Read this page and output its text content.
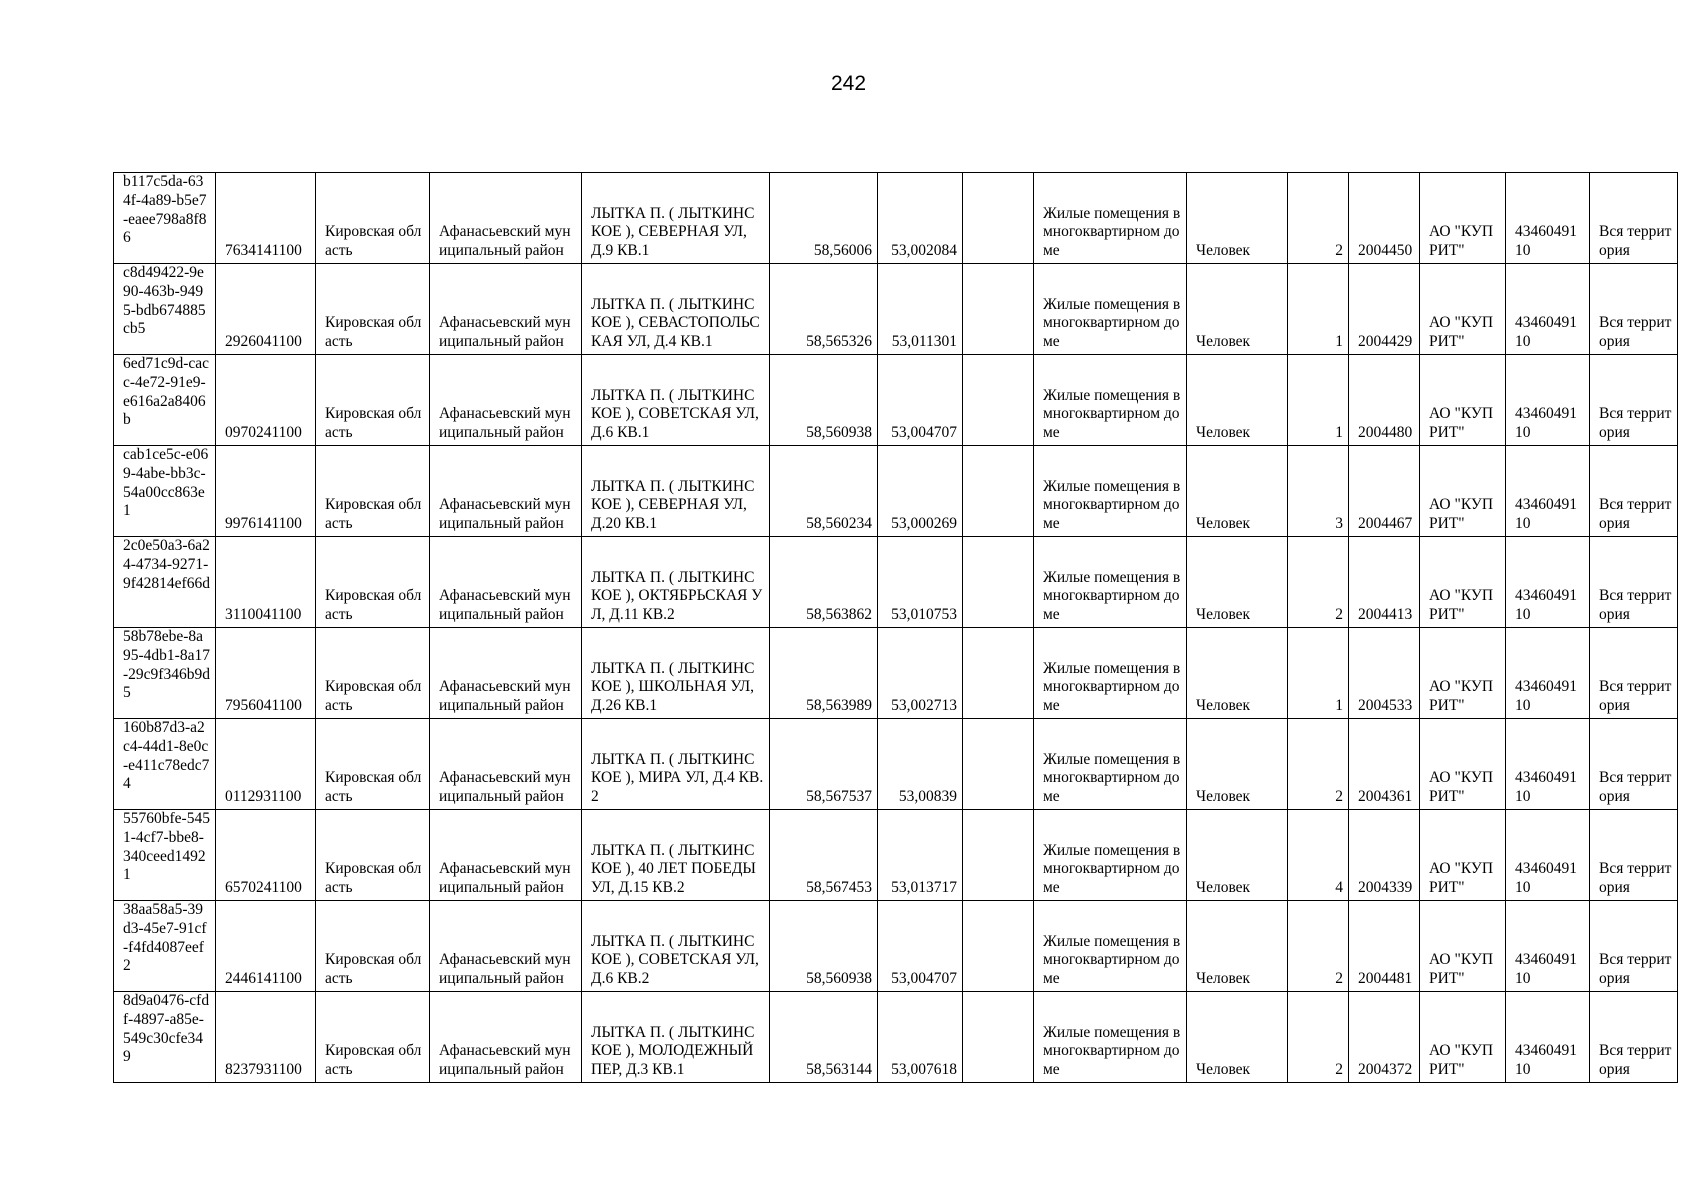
242
b117c5da-634f-4a89-b5e7-eaee798a8f86	7634141100	Кировская область	Афанасьевский муниципальный район	ЛЫТКА П. ( ЛЫТКИНСКОЕ ), СЕВЕРНАЯ УЛ, Д.9 КВ.1	58,56006	53,002084		Жилые помещения в многоквартирном доме	Человек	2	2004450	АО "КУПРИТ"	4346049110	Вся территория
c8d49422-9e90-463b-9495-bdb674885cb5	2926041100	Кировская область	Афанасьевский муниципальный район	ЛЫТКА П. ( ЛЫТКИНСКОЕ ), СЕВАСТОПОЛЬСКАЯ УЛ, Д.4 КВ.1	58,565326	53,011301		Жилые помещения в многоквартирном доме	Человек	1	2004429	АО "КУПРИТ"	4346049110	Вся территория
6ed71c9d-cacc-4e72-91e9-e616a2a8406b	0970241100	Кировская область	Афанасьевский муниципальный район	ЛЫТКА П. ( ЛЫТКИНСКОЕ ), СОВЕТСКАЯ УЛ, Д.6 КВ.1	58,560938	53,004707		Жилые помещения в многоквартирном доме	Человек	1	2004480	АО "КУПРИТ"	4346049110	Вся территория
cab1ce5c-e069-4abe-bb3c-54a00cc863e1	9976141100	Кировская область	Афанасьевский муниципальный район	ЛЫТКА П. ( ЛЫТКИНСКОЕ ), СЕВЕРНАЯ УЛ, Д.20 КВ.1	58,560234	53,000269		Жилые помещения в многоквартирном доме	Человек	3	2004467	АО "КУПРИТ"	4346049110	Вся территория
2c0e50a3-6a24-4734-9271-9f42814ef66d	3110041100	Кировская область	Афанасьевский муниципальный район	ЛЫТКА П. ( ЛЫТКИНСКОЕ ), ОКТЯБРЬСКАЯ УЛ, Д.11 КВ.2	58,563862	53,010753		Жилые помещения в многоквартирном доме	Человек	2	2004413	АО "КУПРИТ"	4346049110	Вся территория
58b78ebe-8a95-4db1-8a17-29c9f346b9d5	7956041100	Кировская область	Афанасьевский муниципальный район	ЛЫТКА П. ( ЛЫТКИНСКОЕ ), ШКОЛЬНАЯ УЛ, Д.26 КВ.1	58,563989	53,002713		Жилые помещения в многоквартирном доме	Человек	1	2004533	АО "КУПРИТ"	4346049110	Вся территория
160b87d3-a2c4-44d1-8e0c-e411c78edc74	0112931100	Кировская область	Афанасьевский муниципальный район	ЛЫТКА П. ( ЛЫТКИНСКОЕ ), МИРА УЛ, Д.4 КВ.2	58,567537	53,00839		Жилые помещения в многоквартирном доме	Человек	2	2004361	АО "КУПРИТ"	4346049110	Вся территория
55760bfe-5451-4cf7-bbe8-340ceed14921	6570241100	Кировская область	Афанасьевский муниципальный район	ЛЫТКА П. ( ЛЫТКИНСКОЕ ), 40 ЛЕТ ПОБЕДЫ УЛ, Д.15 КВ.2	58,567453	53,013717		Жилые помещения в многоквартирном доме	Человек	4	2004339	АО "КУПРИТ"	4346049110	Вся территория
38aa58a5-39d3-45e7-91cf-f4fd4087eef2	2446141100	Кировская область	Афанасьевский муниципальный район	ЛЫТКА П. ( ЛЫТКИНСКОЕ ), СОВЕТСКАЯ УЛ, Д.6 КВ.2	58,560938	53,004707		Жилые помещения в многоквартирном доме	Человек	2	2004481	АО "КУПРИТ"	4346049110	Вся территория
8d9a0476-cfdf-4897-a85e-549c30cfe349	8237931100	Кировская область	Афанасьевский муниципальный район	ЛЫТКА П. ( ЛЫТКИНСКОЕ ), МОЛОДЕЖНЫЙ ПЕР, Д.3 КВ.1	58,563144	53,007618		Жилые помещения в многоквартирном доме	Человек	2	2004372	АО "КУПРИТ"	4346049110	Вся территория
